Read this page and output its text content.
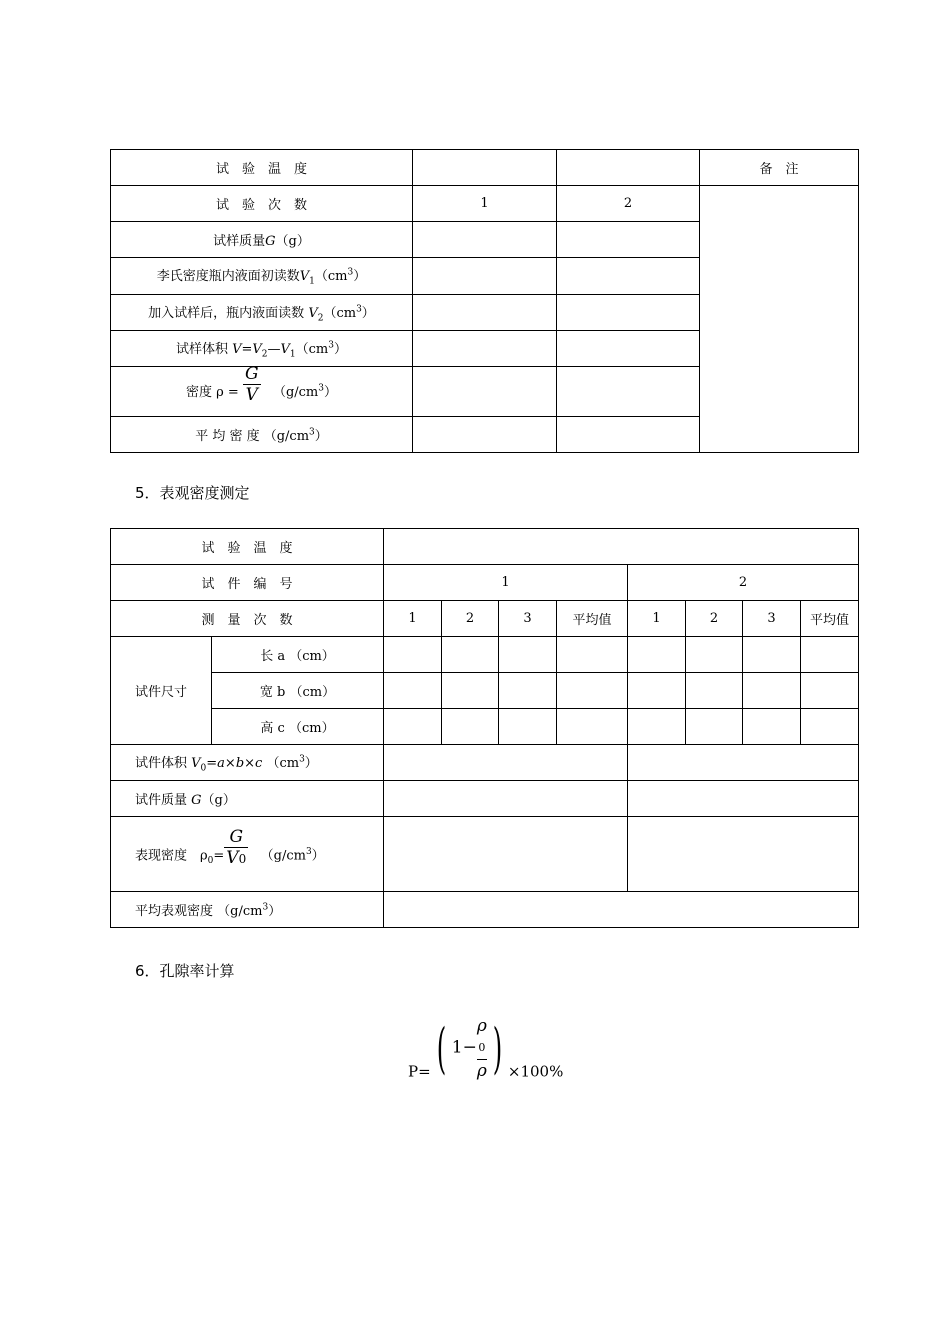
试　验　温　度			备　注
试　验　次　数	1	2	
试样质量G（g）			
李氏密度瓶内液面初读数$V_1(cm^3)$			
加入试样后，瓶内液面读数 $V_2(cm^3)$			
试样体积 $V=V_2—V_1(cm^3)$			
密度 $\rho = \frac{G}{V} (g/cm^3)$			
平 均 密 度 $(g/cm^3)$			
5．表观密度测定
试　验　温　度									
试　件　编　号		1				2			
测　量　次　数		1	2	3	平均值	1	2	3	平均值
试件尺寸	长 a （cm）								
	宽 b （cm）								
	高 c （cm）								
试件体积 $V_0=a\times b\times c$ $(cm^3)$									
试件质量 G（g）									
表现密度　$\rho_0= \frac{G}{V0} (g/cm^3)$									
平均表观密度 $(g/cm^3)$									
6．孔隙率计算
P= ( 1− ρ
0
ρ ) ×100%
